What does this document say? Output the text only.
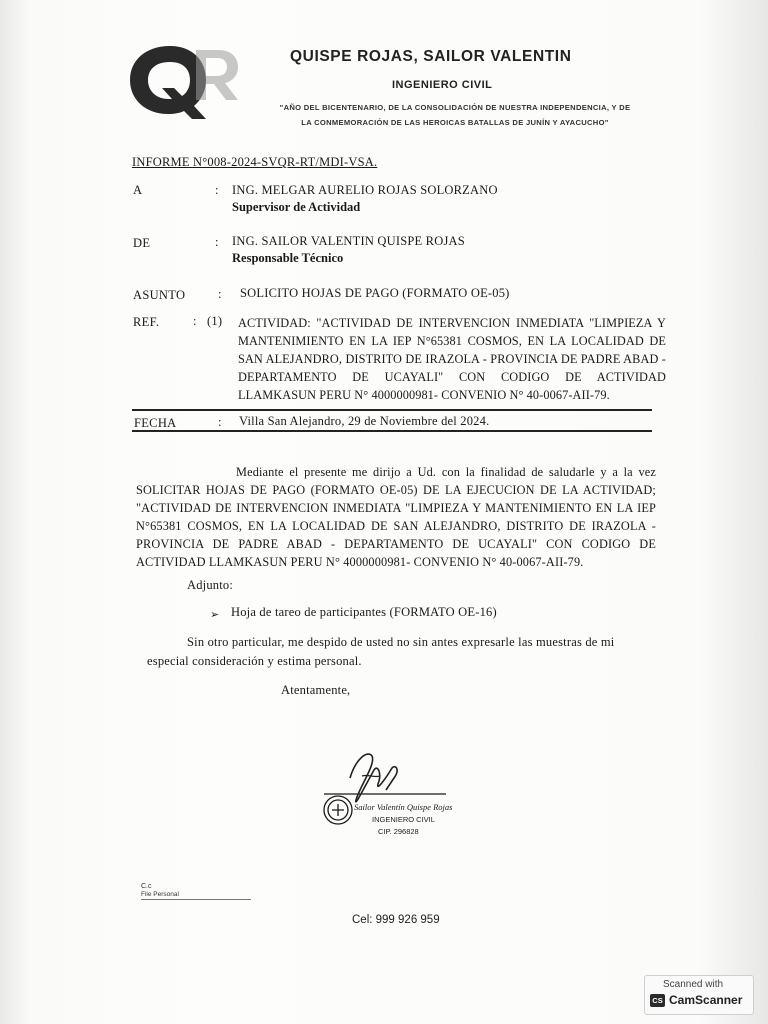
QUISPE ROJAS, SAILOR VALENTIN
INGENIERO CIVIL
"AÑO DEL BICENTENARIO, DE LA CONSOLIDACIÓN DE NUESTRA INDEPENDENCIA, Y DE
LA CONMEMORACIÓN DE LAS HEROICAS BATALLAS DE JUNÍN Y AYACUCHO"
INFORME N°008-2024-SVQR-RT/MDI-VSA.
A	: ING. MELGAR AURELIO ROJAS SOLORZANO
Supervisor de Actividad
DE	: ING. SAILOR VALENTIN QUISPE ROJAS
Responsable Técnico
ASUNTO	: SOLICITO HOJAS DE PAGO (FORMATO OE-05)
REF.	: (1) ACTIVIDAD: "ACTIVIDAD DE INTERVENCION INMEDIATA "LIMPIEZA Y MANTENIMIENTO EN LA IEP N°65381 COSMOS, EN LA LOCALIDAD DE SAN ALEJANDRO, DISTRITO DE IRAZOLA - PROVINCIA DE PADRE ABAD - DEPARTAMENTO DE UCAYALI" CON CODIGO DE ACTIVIDAD LLAMKASUN PERU N° 4000000981- CONVENIO N° 40-0067-AII-79.
FECHA	: Villa San Alejandro, 29 de Noviembre del 2024.
Mediante el presente me dirijo a Ud. con la finalidad de saludarle y a la vez SOLICITAR HOJAS DE PAGO (FORMATO OE-05) DE LA EJECUCION DE LA ACTIVIDAD; "ACTIVIDAD DE INTERVENCION INMEDIATA "LIMPIEZA Y MANTENIMIENTO EN LA IEP N°65381 COSMOS, EN LA LOCALIDAD DE SAN ALEJANDRO, DISTRITO DE IRAZOLA - PROVINCIA DE PADRE ABAD - DEPARTAMENTO DE UCAYALI" CON CODIGO DE ACTIVIDAD LLAMKASUN PERU N° 4000000981- CONVENIO N° 40-0067-AII-79.
Adjunto:
➢ Hoja de tareo de participantes (FORMATO OE-16)
Sin otro particular, me despido de usted no sin antes expresarle las muestras de mi
especial consideración y estima personal.
Atentamente,
Sailor Valentín Quispe Rojas
INGENIERO CIVIL
CIP. 296828
C.c
File Personal
Cel: 999 926 959
Scanned with
CS CamScanner
